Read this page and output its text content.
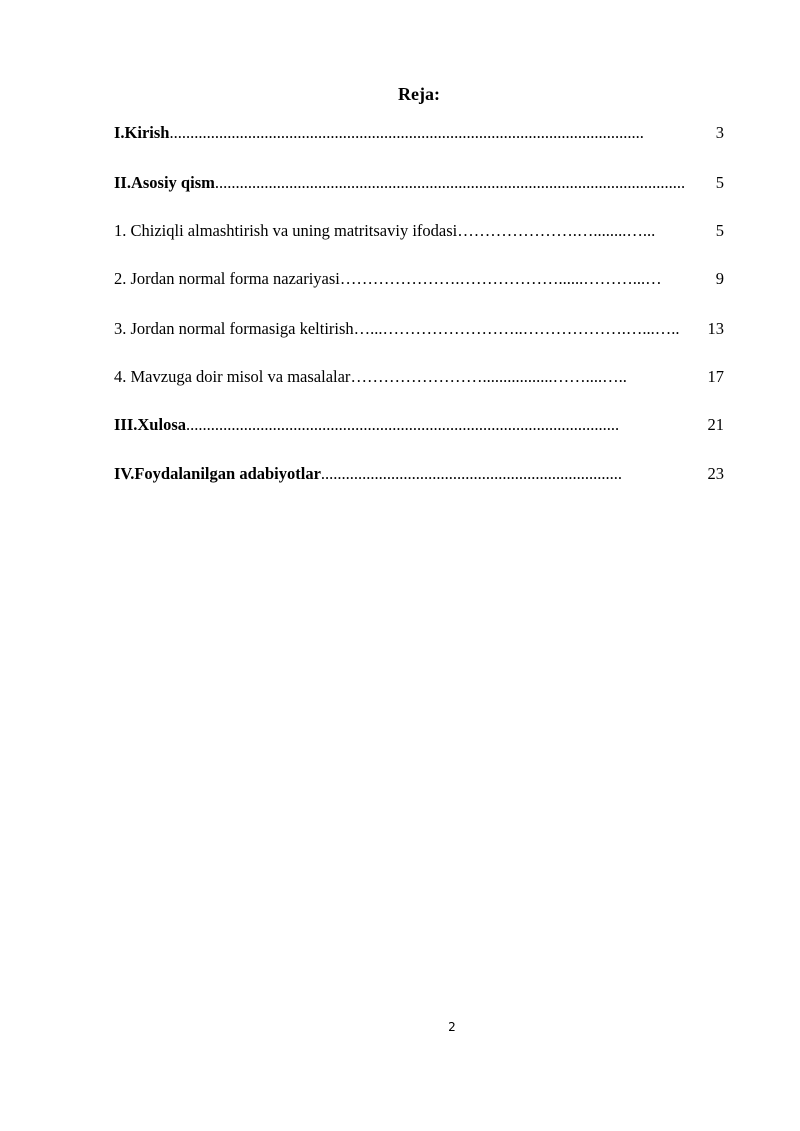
Reja:
I.Kirish ...................................................................................................................	3
II.Asosiy qism ..................................................................................................................	5
1. Chiziqli almashtirish va uning matritsaviy ifodasi ………………….…........…...	5
2. Jordan normal forma nazariyasi ………………….………………......………...…	9
3. Jordan normal formasiga keltirish …...……………………..……………….…...…..	13
4. Mavzuga doir misol va masalalar …………………….................……....…..	17
III.Xulosa .........................................................................................................	21
IV.Foydalanilgan adabiyotlar .........................................................................	23
2
